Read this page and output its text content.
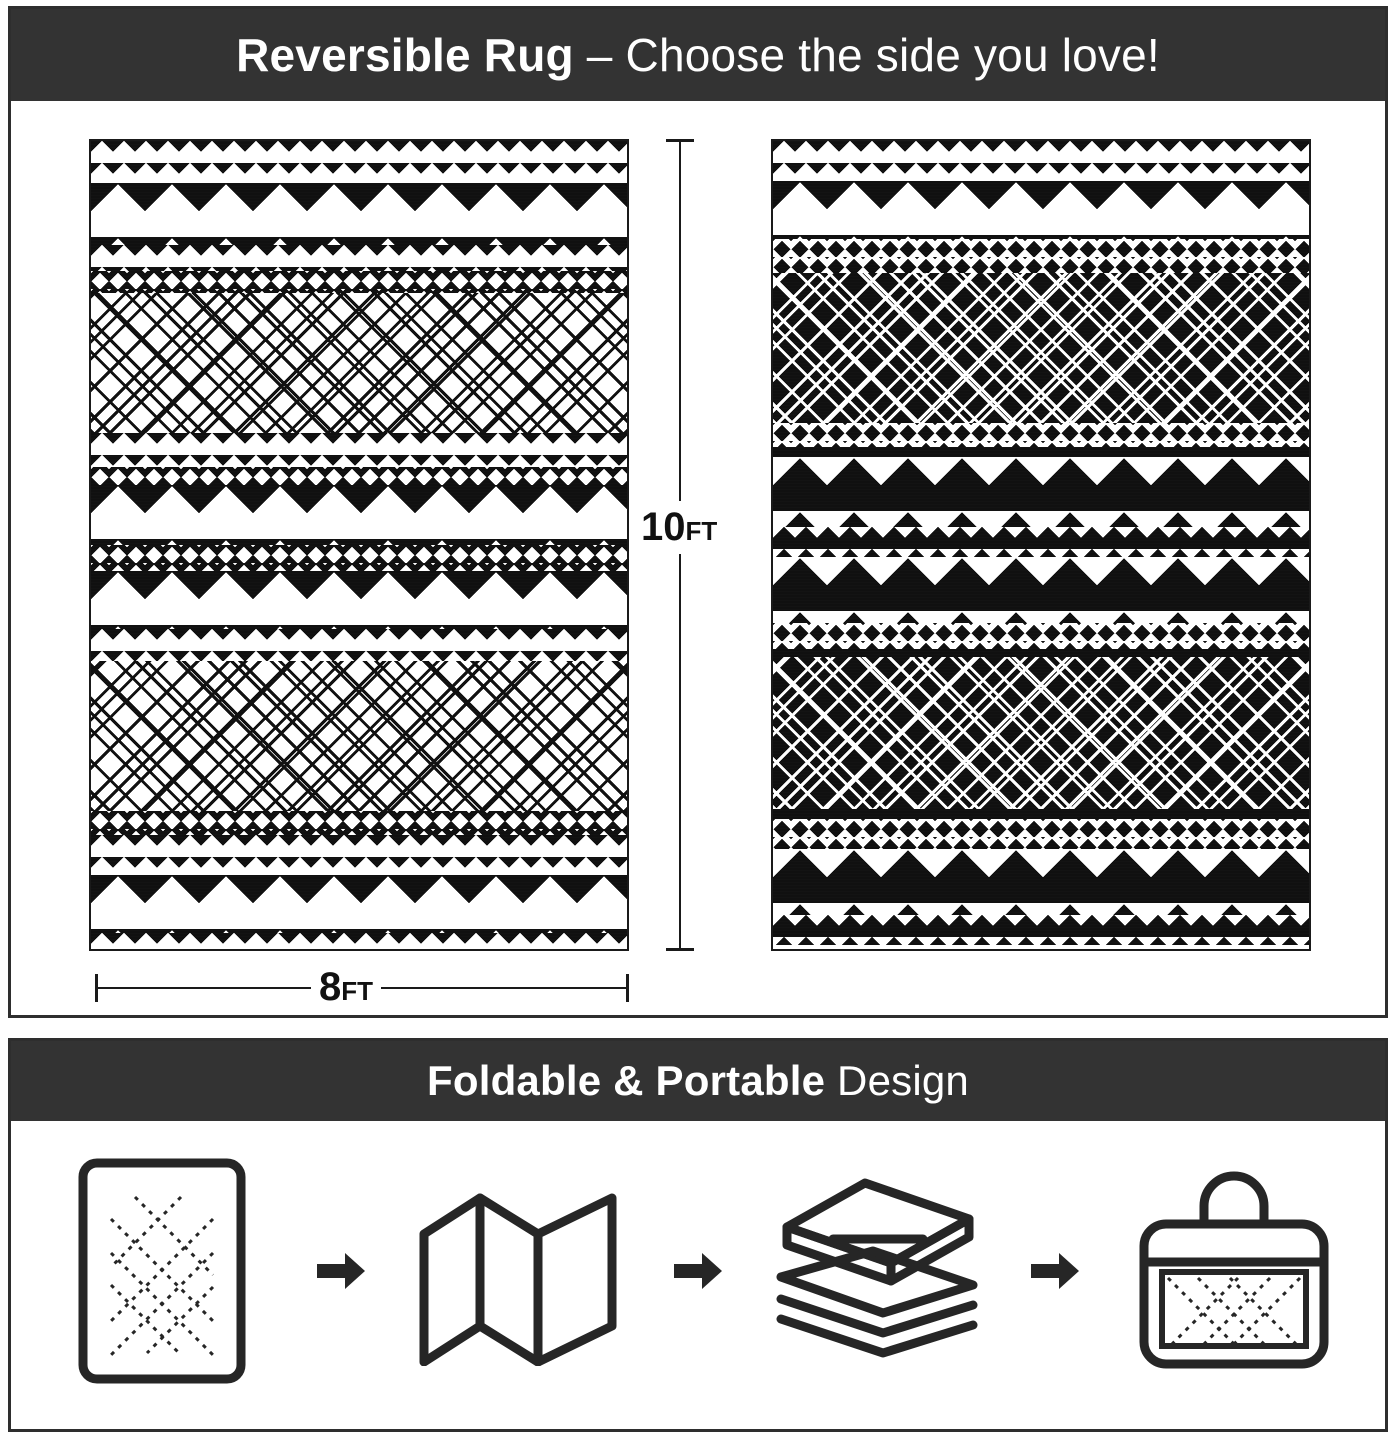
Reversible Rug – Choose the side you love!
10FT
8FT
Foldable & Portable Design
